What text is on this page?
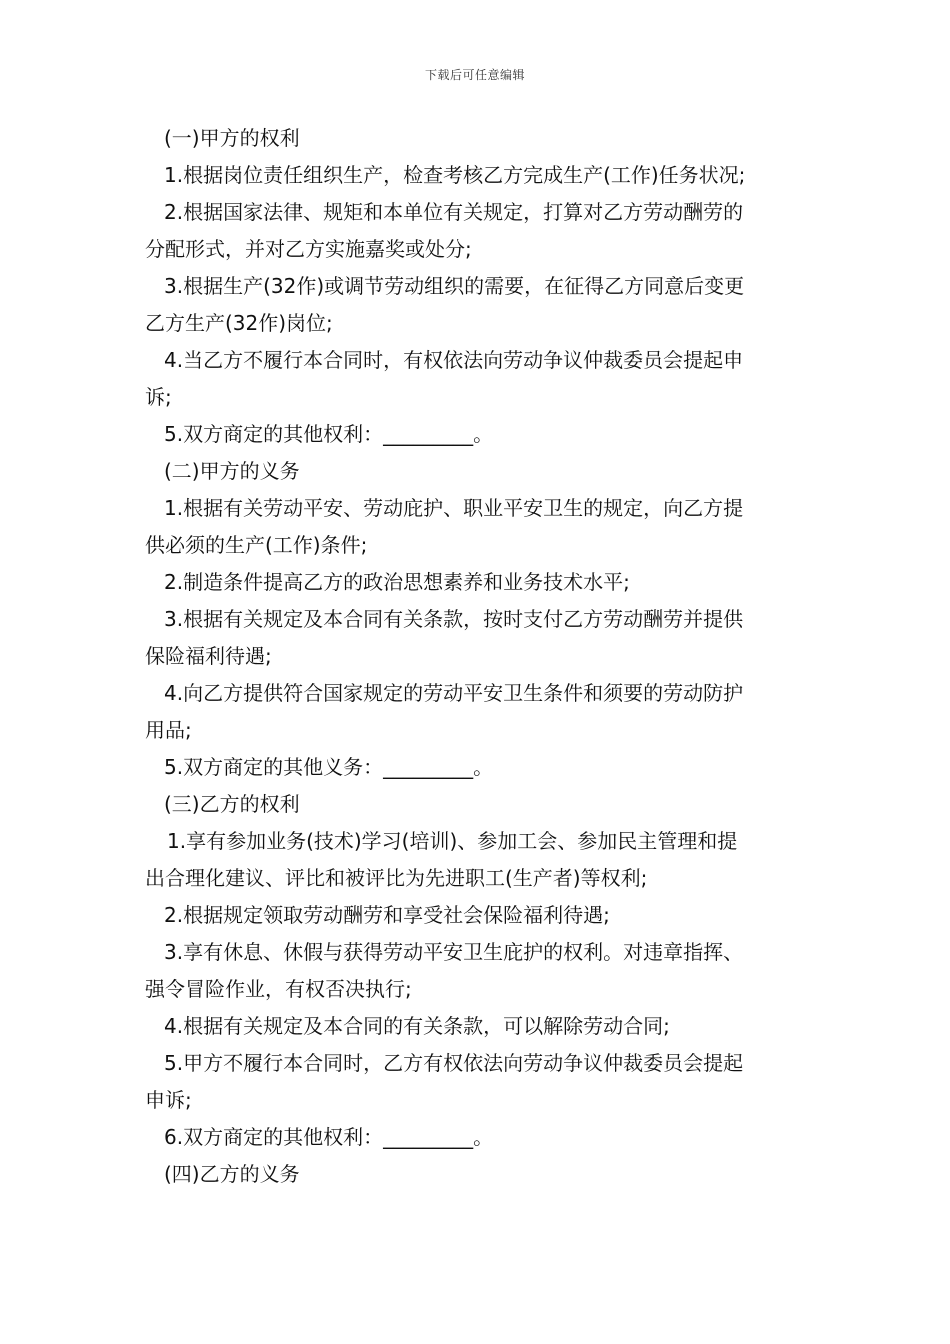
下载后可任意编辑

(一)甲方的权利

1.根据岗位责任组织生产，检查考核乙方完成生产(工作)任务状况;

2.根据国家法律、规矩和本单位有关规定，打算对乙方劳动酬劳的

分配形式，并对乙方实施嘉奖或处分;

3.根据生产(32作)或调节劳动组织的需要，在征得乙方同意后变更

乙方生产(32作)岗位;

4.当乙方不履行本合同时，有权依法向劳动争议仲裁委员会提起申

诉;

5.双方商定的其他权利：_________。

(二)甲方的义务

1.根据有关劳动平安、劳动庇护、职业平安卫生的规定，向乙方提

供必须的生产(工作)条件;

2.制造条件提高乙方的政治思想素养和业务技术水平;

3.根据有关规定及本合同有关条款，按时支付乙方劳动酬劳并提供

保险福利待遇;

4.向乙方提供符合国家规定的劳动平安卫生条件和须要的劳动防护

用品;

5.双方商定的其他义务：_________。

(三)乙方的权利

1.享有参加业务(技术)学习(培训)、参加工会、参加民主管理和提

出合理化建议、评比和被评比为先进职工(生产者)等权利;

2.根据规定领取劳动酬劳和享受社会保险福利待遇;

3.享有休息、休假与获得劳动平安卫生庇护的权利。对违章指挥、

强令冒险作业，有权否决执行;

4.根据有关规定及本合同的有关条款，可以解除劳动合同;

5.甲方不履行本合同时，乙方有权依法向劳动争议仲裁委员会提起

申诉;

6.双方商定的其他权利：_________。

(四)乙方的义务
